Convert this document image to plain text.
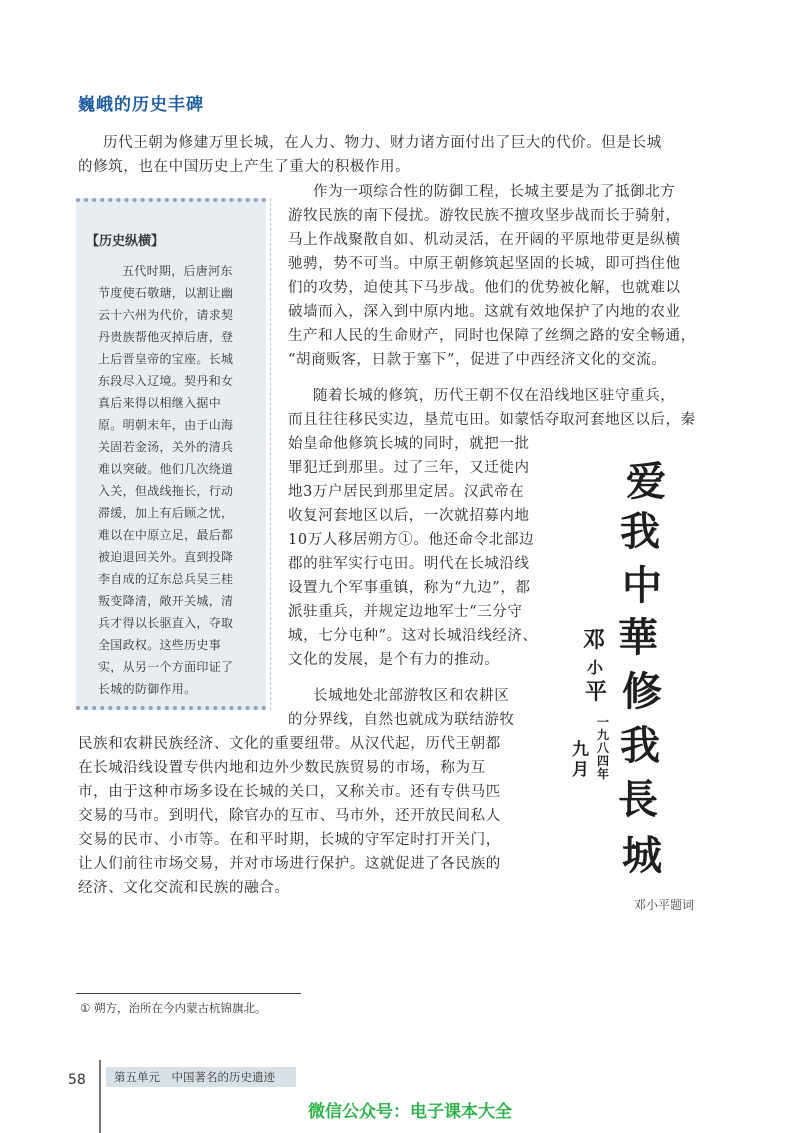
巍峨的历史丰碑
历代王朝为修建万里长城，在人力、物力、财力诸方面付出了巨大的代价。但是长城
的修筑，也在中国历史上产生了重大的积极作用。
【历史纵横】
五代时期，后唐河东
节度使石敬瑭，以割让幽
云十六州为代价，请求契
丹贵族帮他灭掉后唐，登
上后晋皇帝的宝座。长城
东段尽入辽境。契丹和女
真后来得以相继入据中
原。明朝末年，由于山海
关固若金汤，关外的清兵
难以突破。他们几次绕道
入关，但战线拖长，行动
滞缓，加上有后顾之忧，
难以在中原立足，最后都
被迫退回关外。直到投降
李自成的辽东总兵吴三桂
叛变降清，敞开关城，清
兵才得以长驱直入，夺取
全国政权。这些历史事
实，从另一个方面印证了
长城的防御作用。
作为一项综合性的防御工程，长城主要是为了抵御北方
游牧民族的南下侵扰。游牧民族不擅攻坚步战而长于骑射，
马上作战聚散自如、机动灵活，在开阔的平原地带更是纵横
驰骋，势不可当。中原王朝修筑起坚固的长城，即可挡住他
们的攻势，迫使其下马步战。他们的优势被化解，也就难以
破墙而入，深入到中原内地。这就有效地保护了内地的农业
生产和人民的生命财产，同时也保障了丝绸之路的安全畅通，
“胡商贩客，日款于塞下”，促进了中西经济文化的交流。
随着长城的修筑，历代王朝不仅在沿线地区驻守重兵，
而且往往移民实边，垦荒屯田。如蒙恬夺取河套地区以后，秦
始皇命他修筑长城的同时，就把一批
罪犯迁到那里。过了三年，又迁徙内
地3万户居民到那里定居。汉武帝在
收复河套地区以后，一次就招募内地
10万人移居朔方①。他还命令北部边
郡的驻军实行屯田。明代在长城沿线
设置九个军事重镇，称为“九边”，都
派驻重兵，并规定边地军士“三分守
城，七分屯种”。这对长城沿线经济、
文化的发展，是个有力的推动。
长城地处北部游牧区和农耕区
的分界线，自然也就成为联结游牧
民族和农耕民族经济、文化的重要纽带。从汉代起，历代王朝都
在长城沿线设置专供内地和边外少数民族贸易的市场，称为互
市，由于这种市场多设在长城的关口，又称关市。还有专供马匹
交易的马市。到明代，除官办的互市、马市外，还开放民间私人
交易的民市、小市等。在和平时期，长城的守军定时打开关门，
让人们前往市场交易，并对市场进行保护。这就促进了各民族的
经济、文化交流和民族的融合。
爱
我
中
華
修
我
長
城
邓
小
平
一九八四年
九月
邓小平题词
① 朔方，治所在今内蒙古杭锦旗北。
58	第五单元　中国著名的历史遗迹
微信公众号：电子课本大全
